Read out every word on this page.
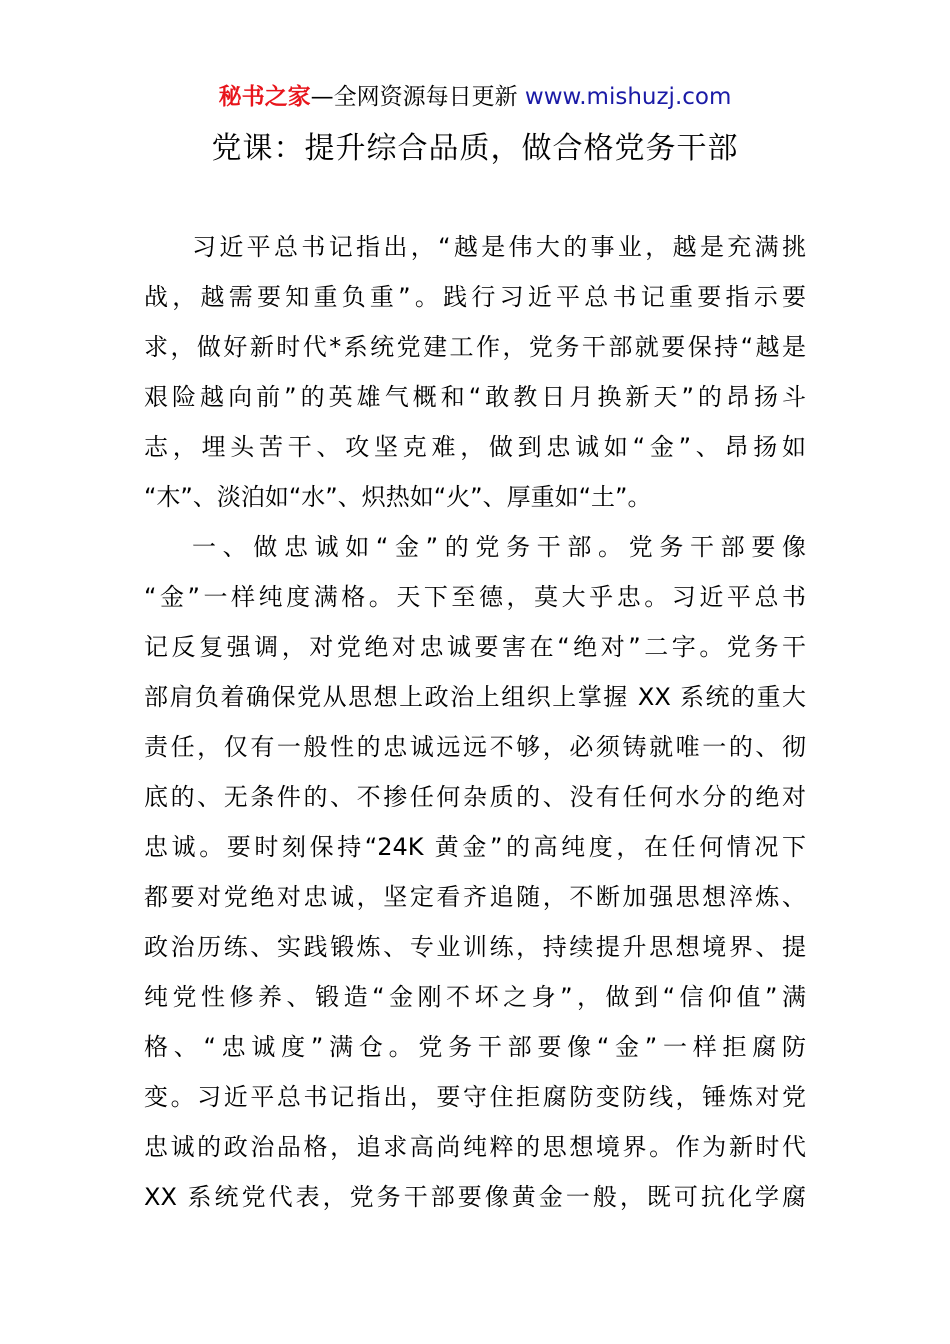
秘书之家—全网资源每日更新 www.mishuzj.com
党课：提升综合品质，做合格党务干部
习近平总书记指出，“越是伟大的事业，越是充满挑
战，越需要知重负重”。践行习近平总书记重要指示要
求，做好新时代*系统党建工作，党务干部就要保持“越是
艰险越向前”的英雄气概和“敢教日月换新天”的昂扬斗
志，埋头苦干、攻坚克难，做到忠诚如“金”、昂扬如
“木”、淡泊如“水”、炽热如“火”、厚重如“土”。
一、做忠诚如“金”的党务干部。党务干部要像
“金”一样纯度满格。天下至德，莫大乎忠。习近平总书
记反复强调，对党绝对忠诚要害在“绝对”二字。党务干
部肩负着确保党从思想上政治上组织上掌握 XX 系统的重大
责任，仅有一般性的忠诚远远不够，必须铸就唯一的、彻
底的、无条件的、不掺任何杂质的、没有任何水分的绝对
忠诚。要时刻保持“24K 黄金”的高纯度，在任何情况下
都要对党绝对忠诚，坚定看齐追随，不断加强思想淬炼、
政治历练、实践锻炼、专业训练，持续提升思想境界、提
纯党性修养、锻造“金刚不坏之身”，做到“信仰值”满
格、“忠诚度”满仓。党务干部要像“金”一样拒腐防
变。习近平总书记指出，要守住拒腐防变防线，锤炼对党
忠诚的政治品格，追求高尚纯粹的思想境界。作为新时代
XX 系统党代表，党务干部要像黄金一般，既可抗化学腐
